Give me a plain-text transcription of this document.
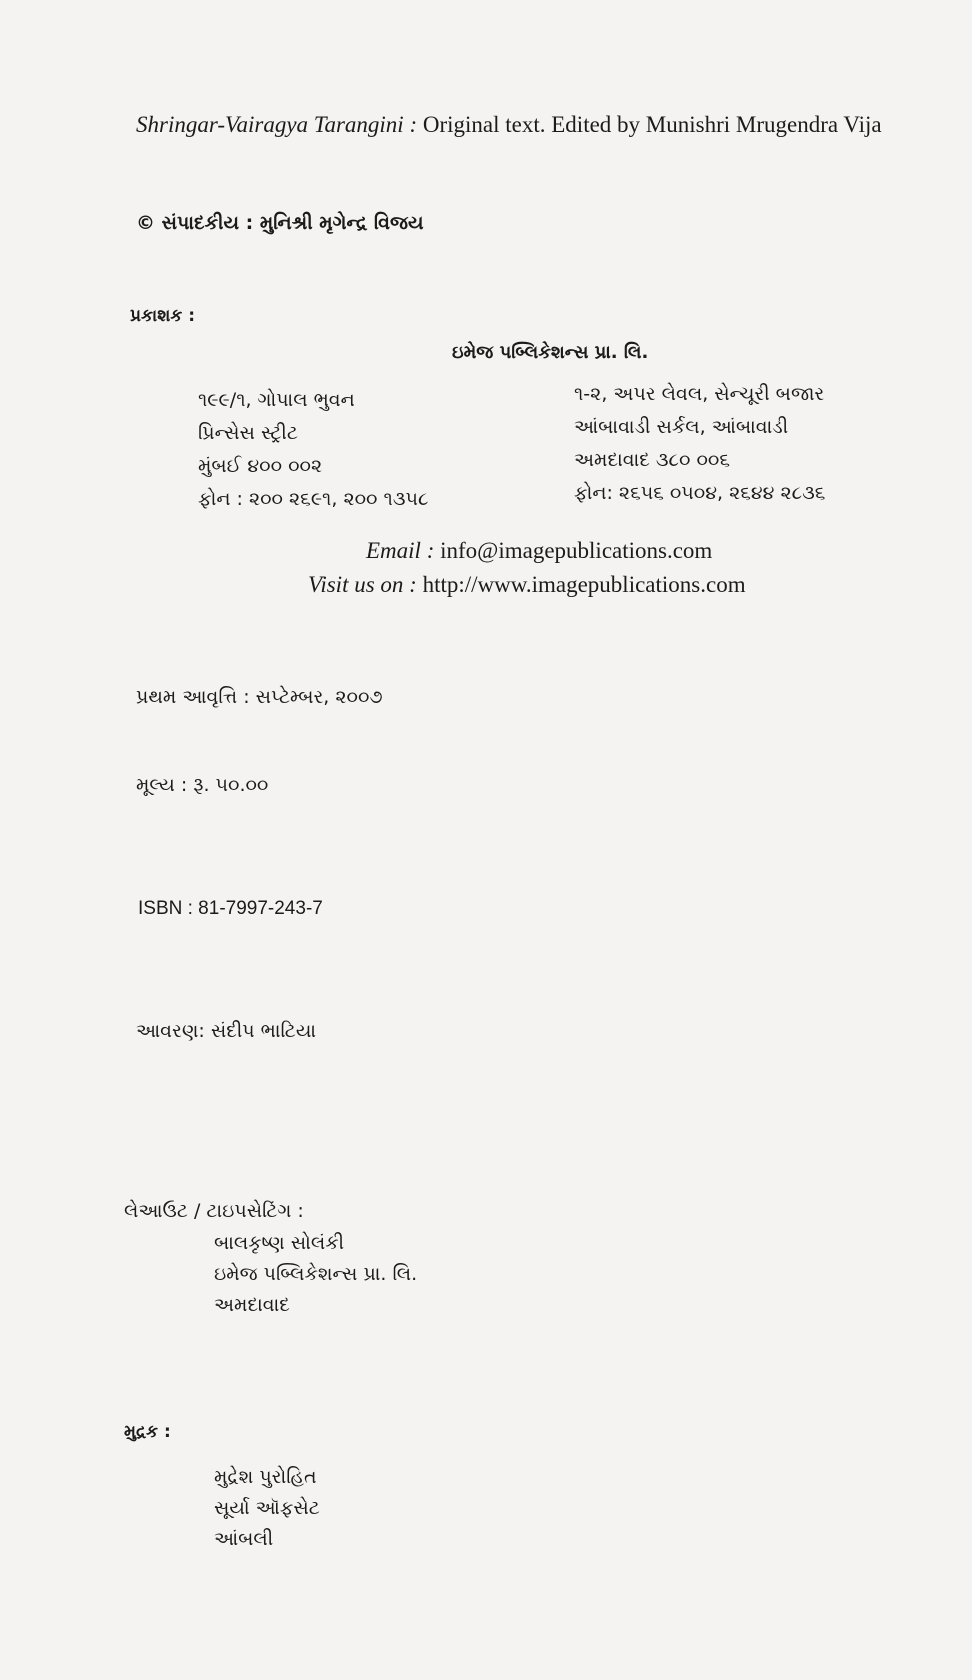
Shringar-Vairagya Tarangini : Original text. Edited by Munishri Mrugendra Vija
© સંપાદકીય : મુનિશ્રી મૃગેન્દ્ર વિજય
પ્રકાશક :
ઇમેજ પબ્લિકેશન્સ પ્રા. લિ.
૧૯૯/૧, ગોપાલ ભુવન
પ્રિન્સેસ સ્ટ્રીટ
મુંબઈ ૪૦૦ ૦૦૨
ફોન : ૨૦૦ ૨૬૯૧, ૨૦૦ ૧૩૫૮
૧-૨, અપર લેવલ, સેન્ચૂરી બજાર
આંબાવાડી સર્કલ, આંબાવાડી
અમદાવાદ ૩૮૦ ૦૦૬
ફોન: ૨૬૫૬ ૦૫૦૪, ૨૬૪૪ ૨૮૩૬
Email : info@imagepublications.com
Visit us on : http://www.imagepublications.com
પ્રથમ આવૃત્તિ : સપ્ટેમ્બર, ૨૦૦૭
મૂલ્ય : રૂ. ૫૦.૦૦
ISBN : 81-7997-243-7
આવરણ: સંદીપ ભાટિયા
લેઆઉટ / ટાઇપસેટિંગ :
બાલકૃષ્ણ સોલંકી
ઇમેજ પબ્લિકેશન્સ પ્રા. લિ.
અમદાવાદ
મુદ્રક :
મુદ્રેશ પુરોહિત
સૂર્યા ઑફસેટ
આંબલી
